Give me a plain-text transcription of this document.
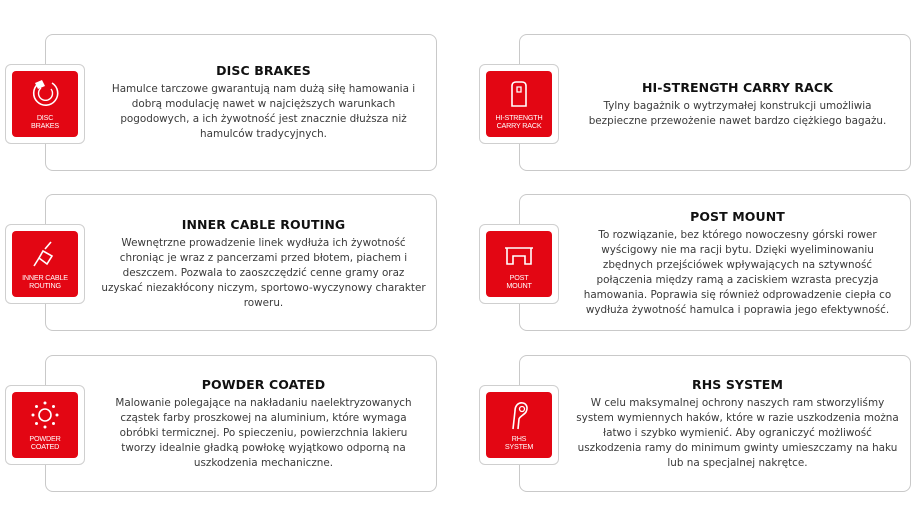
DISC BRAKES
Hamulce tarczowe gwarantują nam dużą siłę hamowania i dobrą modulację nawet w najcięższych warunkach pogodowych, a ich żywotność jest znacznie dłuższa niż hamulców tradycyjnych.
DISC
BRAKES
HI-STRENGTH CARRY RACK
Tylny bagażnik o wytrzymałej konstrukcji umożliwia bezpieczne przewożenie nawet bardzo ciężkiego bagażu.
HI-STRENGTH
CARRY RACK
INNER CABLE ROUTING
Wewnętrzne prowadzenie linek wydłuża ich żywotność chroniąc je wraz z pancerzami przed błotem, piachem i deszczem. Pozwala to zaoszczędzić cenne gramy oraz uzyskać niezakłócony niczym, sportowo-wyczynowy charakter roweru.
INNER CABLE
ROUTING
POST MOUNT
To rozwiązanie, bez którego nowoczesny górski rower wyścigowy nie ma racji bytu. Dzięki wyeliminowaniu zbędnych przejściówek wpływających na sztywność połączenia między ramą a zaciskiem wzrasta precyzja hamowania. Poprawia się również odprowadzenie ciepła co wydłuża żywotność hamulca i poprawia jego efektywność.
POST
MOUNT
POWDER COATED
Malowanie polegające na nakładaniu naelektryzowanych cząstek farby proszkowej na aluminium, które wymaga obróbki termicznej. Po spieczeniu, powierzchnia lakieru tworzy idealnie gładką powłokę wyjątkowo odporną na uszkodzenia mechaniczne.
POWDER
COATED
RHS SYSTEM
W celu maksymalnej ochrony naszych ram stworzyliśmy system wymiennych haków, które w razie uszkodzenia można łatwo i szybko wymienić. Aby ograniczyć możliwość uszkodzenia ramy do minimum gwinty umieszczamy na haku lub na specjalnej nakrętce.
RHS
SYSTEM
